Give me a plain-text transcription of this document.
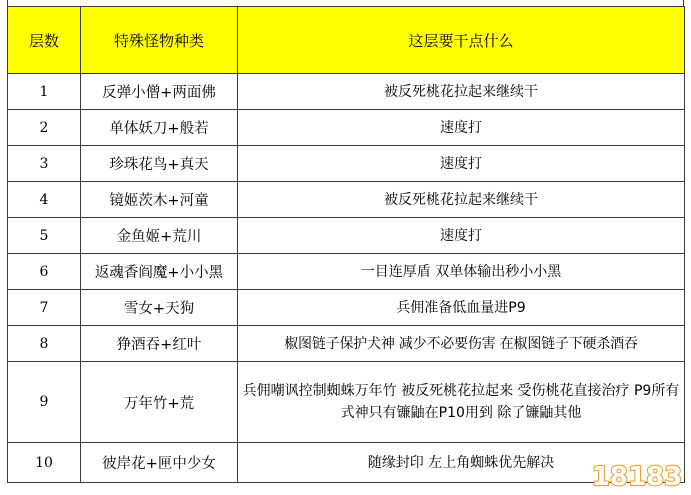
层数	特殊怪物种类	这层要干点什么
1	反弹小僧+两面佛	被反死桃花拉起来继续干
2	单体妖刀+般若	速度打
3	珍珠花鸟+真天	速度打
4	镜姬茨木+河童	被反死桃花拉起来继续干
5	金鱼姬+荒川	速度打
6	返魂香阎魔+小小黑	一目连厚盾 双单体输出秒小小黑
7	雪女+天狗	兵佣准备低血量进P9
8	狰酒吞+红叶	椒图链子保护犬神 减少不必要伤害 在椒图链子下硬杀酒吞
9	万年竹+荒	兵佣嘲讽控制蜘蛛万年竹 被反死桃花拉起来 受伤桃花直接治疗 P9所有式神只有镰鼬在P10用到 除了镰鼬其他
10	彼岸花+匣中少女	随缘封印 左上角蜘蛛优先解决 18183
